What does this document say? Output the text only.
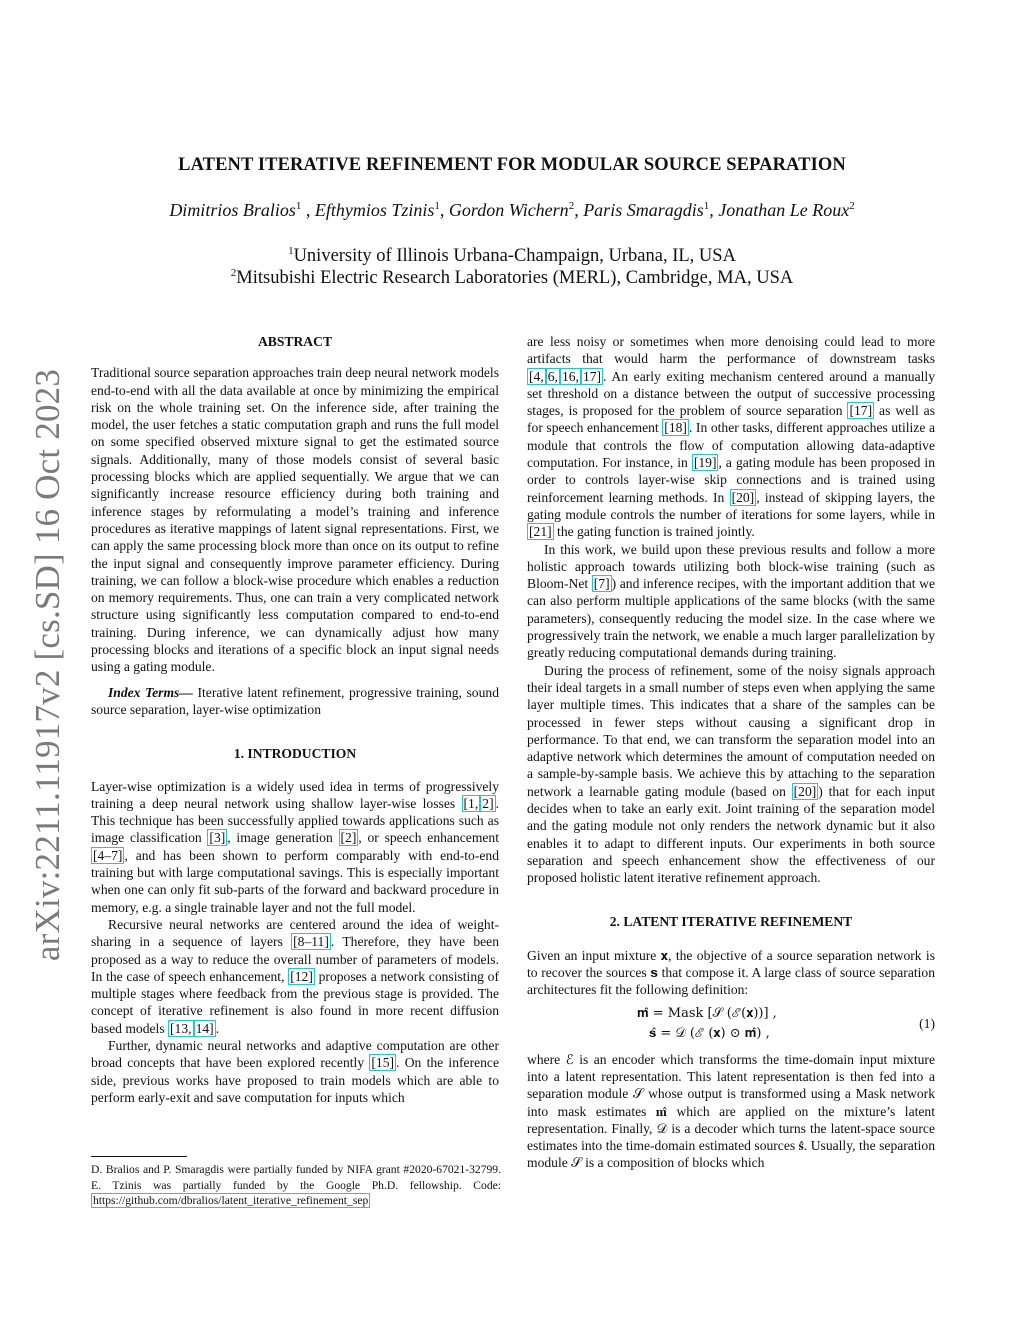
arXiv:2211.11917v2 [cs.SD] 16 Oct 2023
LATENT ITERATIVE REFINEMENT FOR MODULAR SOURCE SEPARATION
Dimitrios Bralios$^1$ , Efthymios Tzinis$^1$, Gordon Wichern$^2$, Paris Smaragdis$^1$, Jonathan Le Roux$^2$
$^1$University of Illinois Urbana-Champaign, Urbana, IL, USA
$^2$Mitsubishi Electric Research Laboratories (MERL), Cambridge, MA, USA
ABSTRACT

Traditional source separation approaches train deep neural network models end-to-end with all the data available at once by minimizing the empirical risk on the whole training set. On the inference side, after training the model, the user fetches a static computation graph and runs the full model on some specified observed mixture signal to get the estimated source signals. Additionally, many of those models consist of several basic processing blocks which are applied sequentially. We argue that we can significantly increase resource efficiency during both training and inference stages by reformulating a model’s training and inference procedures as iterative mappings of latent signal representations. First, we can apply the same processing block more than once on its output to refine the input signal and consequently improve parameter efficiency. During training, we can follow a block-wise procedure which enables a reduction on memory requirements. Thus, one can train a very complicated network structure using significantly less computation compared to end-to-end training. During inference, we can dynamically adjust how many processing blocks and iterations of a specific block an input signal needs using a gating module.

Index Terms— Iterative latent refinement, progressive training, sound source separation, layer-wise optimization

1. INTRODUCTION

Layer-wise optimization is a widely used idea in terms of progressively training a deep neural network using shallow layer-wise losses [1, 2] . This technique has been successfully applied towards applications such as image classification [3] , image generation [2] , or speech enhancement [4–7] , and has been shown to perform comparably with end-to-end training but with large computational savings. This is especially important when one can only fit sub-parts of the forward and backward procedure in memory, e.g. a single trainable layer and not the full model.

Recursive neural networks are centered around the idea of weight-sharing in a sequence of layers [8–11] . Therefore, they have been proposed as a way to reduce the overall number of parameters of models. In the case of speech enhancement, [12] proposes a network consisting of multiple stages where feedback from the previous stage is provided. The concept of iterative refinement is also found in more recent diffusion based models [13, 14] .

Further, dynamic neural networks and adaptive computation are other broad concepts that have been explored recently [15] . On the inference side, previous works have proposed to train models which are able to perform early-exit and save computation for inputs which

are less noisy or sometimes when more denoising could lead to more artifacts that would harm the performance of downstream tasks [4, 6, 16, 17] . An early exiting mechanism centered around a manually set threshold on a distance between the output of successive processing stages, is proposed for the problem of source separation [17] as well as for speech enhancement [18] . In other tasks, different approaches utilize a module that controls the flow of computation allowing data-adaptive computation. For instance, in [19] , a gating module has been proposed in order to controls layer-wise skip connections and is trained using reinforcement learning methods. In [20] , instead of skipping layers, the gating module controls the number of iterations for some layers, while in [21] the gating function is trained jointly.

In this work, we build upon these previous results and follow a more holistic approach towards utilizing both block-wise training (such as Bloom-Net [7] ) and inference recipes, with the important addition that we can also perform multiple applications of the same blocks (with the same parameters), consequently reducing the model size. In the case where we progressively train the network, we enable a much larger parallelization by greatly reducing computational demands during training.

During the process of refinement, some of the noisy signals approach their ideal targets in a small number of steps even when applying the same layer multiple times. This indicates that a share of the samples can be processed in fewer steps without causing a significant drop in performance. To that end, we can transform the separation model into an adaptive network which determines the amount of computation needed on a sample-by-sample basis. We achieve this by attaching to the separation network a learnable gating module (based on [20] ) that for each input decides when to take an early exit. Joint training of the separation model and the gating module not only renders the network dynamic but it also enables it to adapt to different inputs. Our experiments in both source separation and speech enhancement show the effectiveness of our proposed holistic latent iterative refinement approach.

2. LATENT ITERATIVE REFINEMENT

Given an input mixture 𝐱, the objective of a source separation network is to recover the sources 𝐬 that compose it. A large class of source separation architectures fit the following definition:

𝐦̂ = Mask [𝒮 (ℰ(𝐱))] ,
𝐬̂ = 𝒟 (ℰ (𝐱) ⊙ 𝐦̂) ,
(1)

where ℰ is an encoder which transforms the time-domain input mixture into a latent representation. This latent representation is then fed into a separation module 𝒮 whose output is transformed using a Mask network into mask estimates 𝐦̂ which are applied on the mixture’s latent representation. Finally, 𝒟 is a decoder which turns the latent-space source estimates into the time-domain estimated sources 𝐬̂. Usually, the separation module 𝒮 is a composition of blocks which

D. Bralios and P. Smaragdis were partially funded by NIFA grant #2020-67021-32799. E. Tzinis was partially funded by the Google Ph.D. fellowship. Code: https://github.com/dbralios/latent_iterative_refinement_sep
